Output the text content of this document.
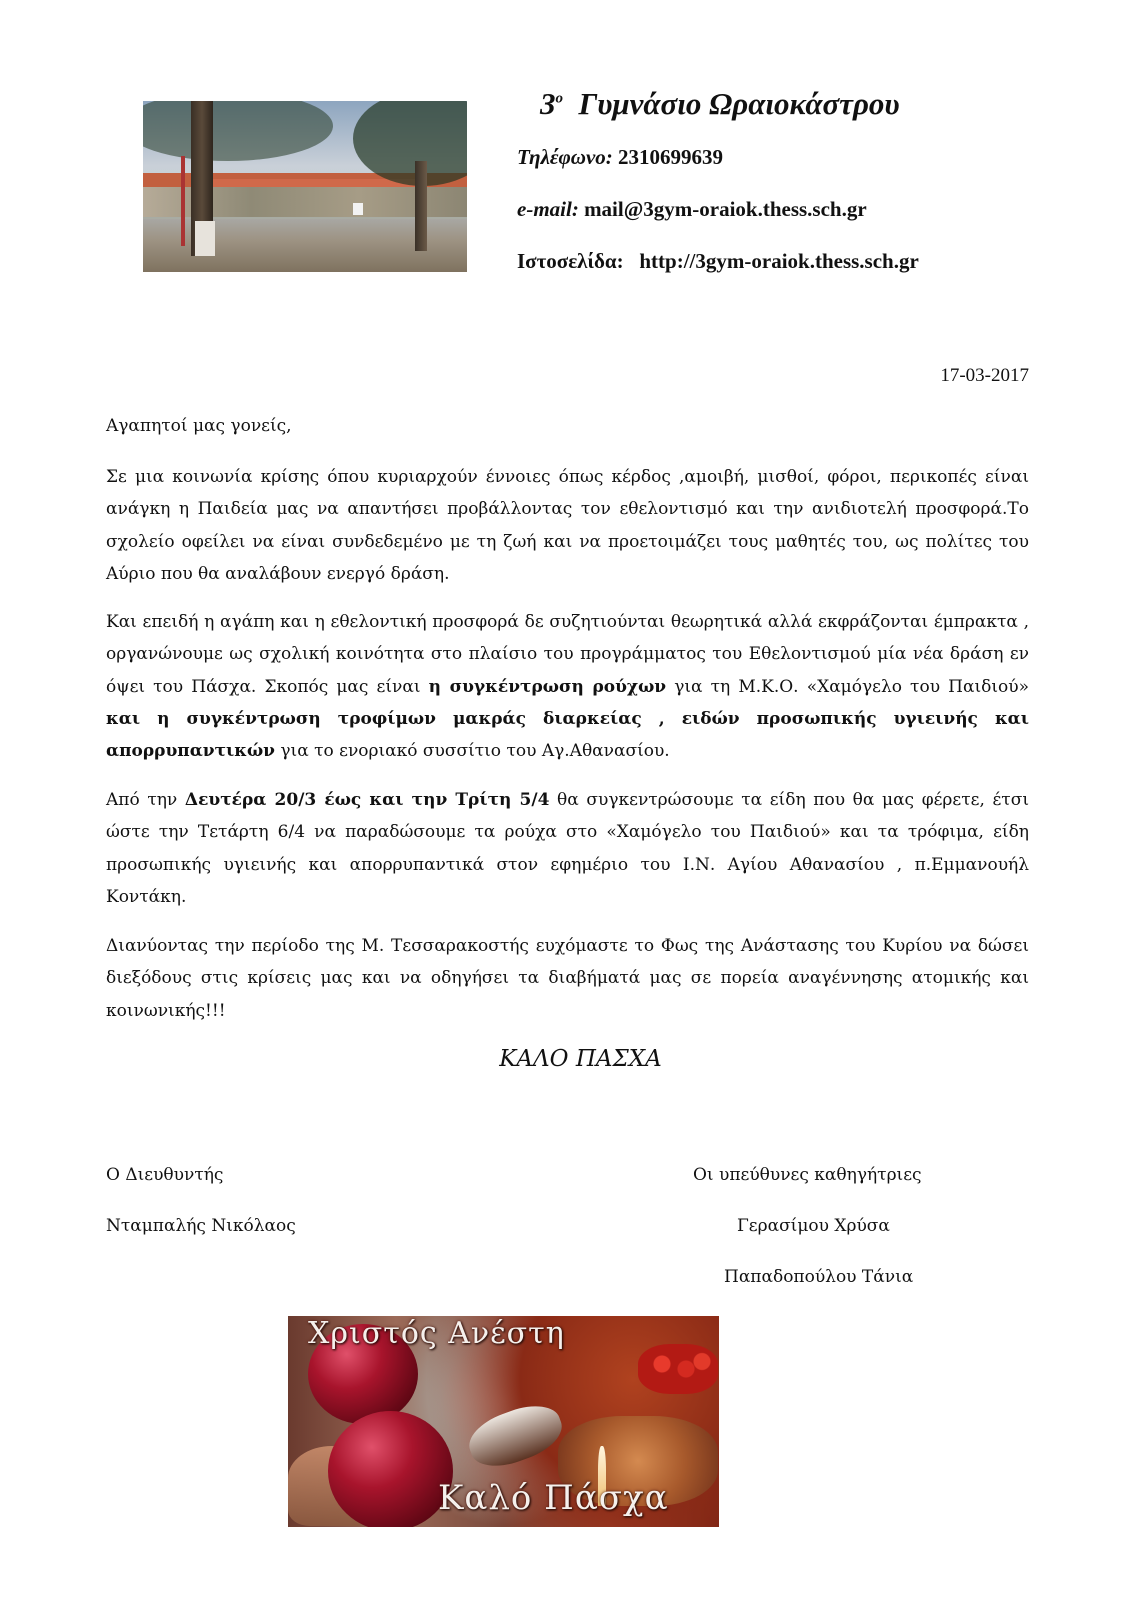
$3^o$ Γυμνάσιο Ωραιοκάστρου
Τηλέφωνο: 2310699639
e-mail: mail@3gym-oraiok.thess.sch.gr
Ιστοσελίδα: http://3gym-oraiok.thess.sch.gr
17-03-2017
Αγαπητοί μας γονείς,
Σε μια κοινωνία κρίσης όπου κυριαρχούν έννοιες όπως κέρδος ,αμοιβή, μισθοί, φόροι, περικοπές είναι ανάγκη η Παιδεία μας να απαντήσει προβάλλοντας τον εθελοντισμό και την ανιδιοτελή προσφορά.Το σχολείο οφείλει να είναι συνδεδεμένο με τη ζωή και να προετοιμάζει τους μαθητές του, ως πολίτες του Αύριο που θα αναλάβουν ενεργό δράση.
Και επειδή η αγάπη και η εθελοντική προσφορά δε συζητιούνται θεωρητικά αλλά εκφράζονται έμπρακτα , οργανώνουμε ως σχολική κοινότητα στο πλαίσιο του προγράμματος του Εθελοντισμού μία νέα δράση εν όψει του Πάσχα. Σκοπός μας είναι η συγκέντρωση ρούχων για τη Μ.Κ.Ο. «Χαμόγελο του Παιδιού» και η συγκέντρωση τροφίμων μακράς διαρκείας , ειδών προσωπικής υγιεινής και απορρυπαντικών για το ενοριακό συσσίτιο του Αγ.Αθανασίου.
Από την Δευτέρα 20/3 έως και την Τρίτη 5/4 θα συγκεντρώσουμε τα είδη που θα μας φέρετε, έτσι ώστε την Τετάρτη 6/4 να παραδώσουμε τα ρούχα στο «Χαμόγελο του Παιδιού» και τα τρόφιμα, είδη προσωπικής υγιεινής και απορρυπαντικά στον εφημέριο του Ι.Ν. Αγίου Αθανασίου , π.Εμμανουήλ Κοντάκη.
Διανύοντας την περίοδο της Μ. Τεσσαρακοστής ευχόμαστε το Φως της Ανάστασης του Κυρίου να δώσει διεξόδους στις κρίσεις μας και να οδηγήσει τα διαβήματά μας σε πορεία αναγέννησης ατομικής και κοινωνικής!!!
ΚΑΛΟ ΠΑΣΧΑ
Ο Διευθυντής
Νταμπαλής Νικόλαος
Οι υπεύθυνες καθηγήτριες
Γερασίμου Χρύσα
Παπαδοπούλου Τάνια
Χριστός Ανέστη
Καλό Πάσχα
